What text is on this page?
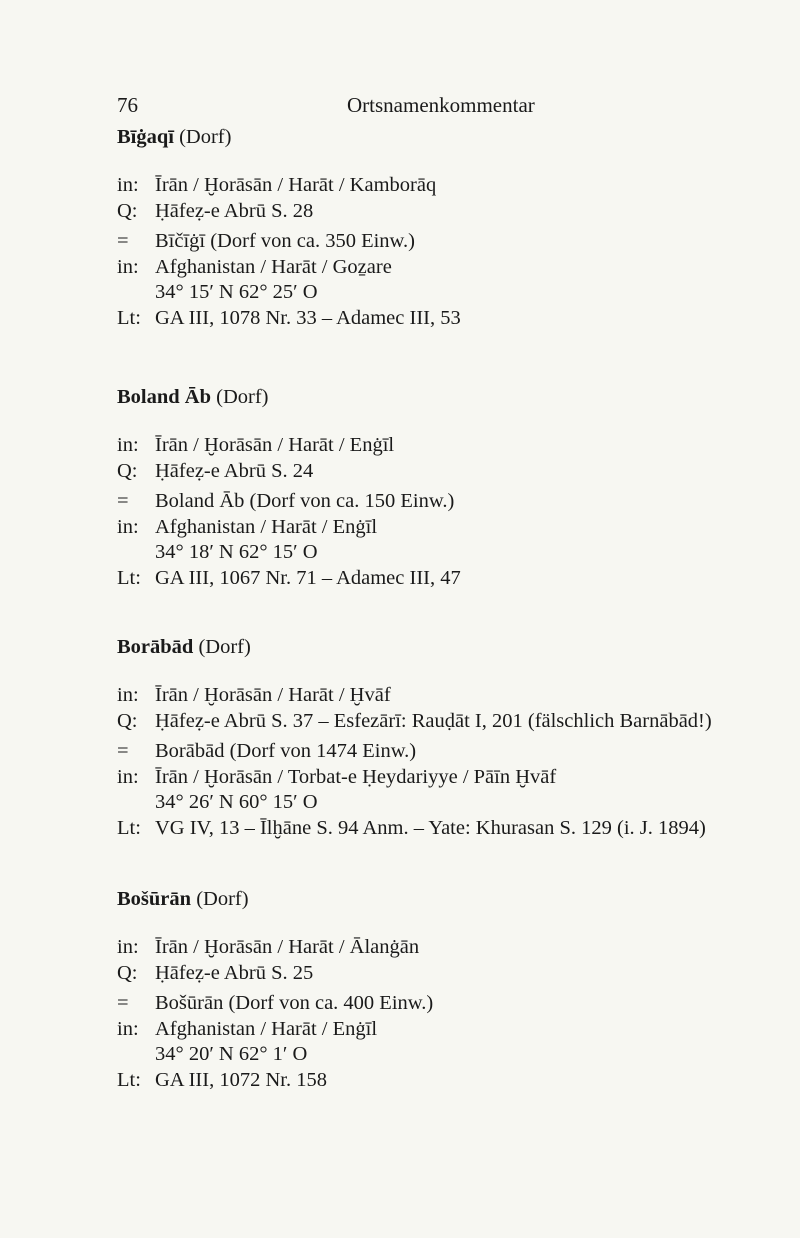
76	Ortsnamenkommentar
Bīġaqī (Dorf)
in: Īrān / Ḫorāsān / Harāt / Kamborāq
Q: Ḥāfeẓ-e Abrū S. 28
=	Bīčīġī (Dorf von ca. 350 Einw.)
in: Afghanistan / Harāt / Goẕare
34° 15′ N 62° 25′ O
Lt: GA III, 1078 Nr. 33 – Adamec III, 53
Boland Āb (Dorf)
in: Īrān / Ḫorāsān / Harāt / Enġīl
Q: Ḥāfeẓ-e Abrū S. 24
=	Boland Āb (Dorf von ca. 150 Einw.)
in: Afghanistan / Harāt / Enġīl
34° 18′ N 62° 15′ O
Lt: GA III, 1067 Nr. 71 – Adamec III, 47
Borābād (Dorf)
in: Īrān / Ḫorāsān / Harāt / Ḫvāf
Q: Ḥāfeẓ-e Abrū S. 37 – Esfezārī: Rauḍāt I, 201 (fälschlich Barnābād!)
=	Borābād (Dorf von 1474 Einw.)
in: Īrān / Ḫorāsān / Torbat-e Ḥeydariyye / Pāīn Ḫvāf
34° 26′ N 60° 15′ O
Lt: VG IV, 13 – Īlḫāne S. 94 Anm. – Yate: Khurasan S. 129 (i. J. 1894)
Bošūrān (Dorf)
in: Īrān / Ḫorāsān / Harāt / Ālanġān
Q: Ḥāfeẓ-e Abrū S. 25
=	Bošūrān (Dorf von ca. 400 Einw.)
in: Afghanistan / Harāt / Enġīl
34° 20′ N 62° 1′ O
Lt: GA III, 1072 Nr. 158
